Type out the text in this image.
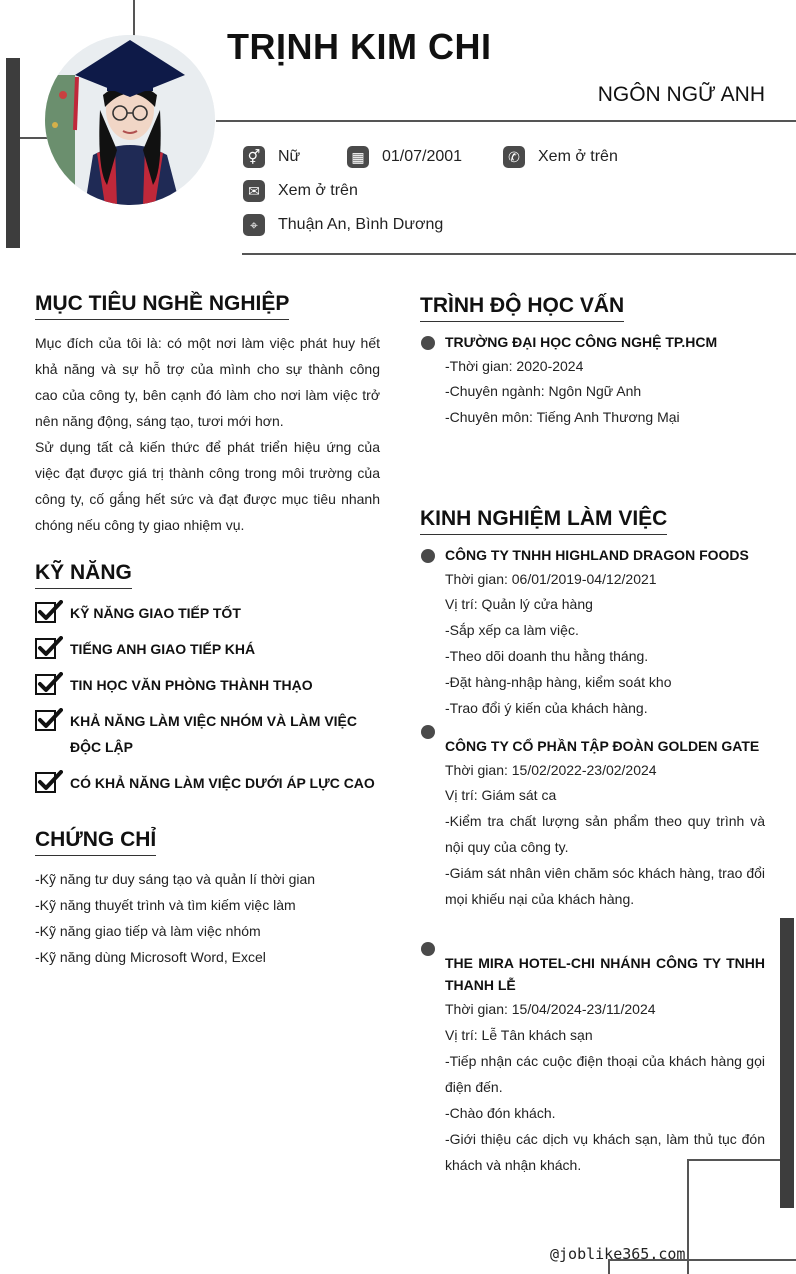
TRỊNH KIM CHI
NGÔN NGỮ ANH
⚥ Nữ	▦ 01/07/2001	✆	Xem ở trên
✉	Xem ở trên
⌖	Thuận An, Bình Dương
MỤC TIÊU NGHỀ NGHIỆP
Mục đích của tôi là: có một nơi làm việc phát huy hết khả năng và sự hỗ trợ của mình cho sự thành công cao của công ty, bên cạnh đó làm cho nơi làm việc trở nên năng động, sáng tạo, tươi mới hơn.
Sử dụng tất cả kiến thức để phát triển hiệu ứng của việc đạt được giá trị thành công trong môi trường của công ty, cố gắng hết sức và đạt được mục tiêu nhanh chóng nếu công ty giao nhiệm vụ.
KỸ NĂNG
KỸ NĂNG GIAO TIẾP TỐT
TIẾNG ANH GIAO TIẾP KHÁ
TIN HỌC VĂN PHÒNG THÀNH THẠO
KHẢ NĂNG LÀM VIỆC NHÓM VÀ LÀM VIỆC ĐỘC LẬP
CÓ KHẢ NĂNG LÀM VIỆC DƯỚI ÁP LỰC CAO
CHỨNG CHỈ
-Kỹ năng tư duy sáng tạo và quản lí thời gian
-Kỹ năng thuyết trình và tìm kiếm việc làm
-Kỹ năng giao tiếp và làm việc nhóm
-Kỹ năng dùng Microsoft Word, Excel
TRÌNH ĐỘ HỌC VẤN
TRƯỜNG ĐẠI HỌC CÔNG NGHỆ TP.HCM
-Thời gian: 2020-2024
-Chuyên ngành: Ngôn Ngữ Anh
-Chuyên môn: Tiếng Anh Thương Mại
KINH NGHIỆM LÀM VIỆC
CÔNG TY TNHH HIGHLAND DRAGON FOODS
Thời gian: 06/01/2019-04/12/2021
Vị trí: Quản lý cửa hàng
-Sắp xếp ca làm việc.
-Theo dõi doanh thu hằng tháng.
-Đặt hàng-nhập hàng, kiểm soát kho
-Trao đổi ý kiến của khách hàng.
CÔNG TY CỔ PHẦN TẬP ĐOÀN GOLDEN GATE
Thời gian: 15/02/2022-23/02/2024
Vị trí: Giám sát ca
-Kiểm tra chất lượng sản phẩm theo quy trình và nội quy của công ty.
-Giám sát nhân viên chăm sóc khách hàng, trao đổi mọi khiếu nại của khách hàng.
THE MIRA HOTEL-CHI NHÁNH CÔNG TY TNHH THANH LỄ
Thời gian: 15/04/2024-23/11/2024
Vị trí: Lễ Tân khách sạn
-Tiếp nhận các cuộc điện thoại của khách hàng gọi điện đến.
-Chào đón khách.
-Giới thiệu các dịch vụ khách sạn, làm thủ tục đón khách và nhận khách.
@joblike365.com
